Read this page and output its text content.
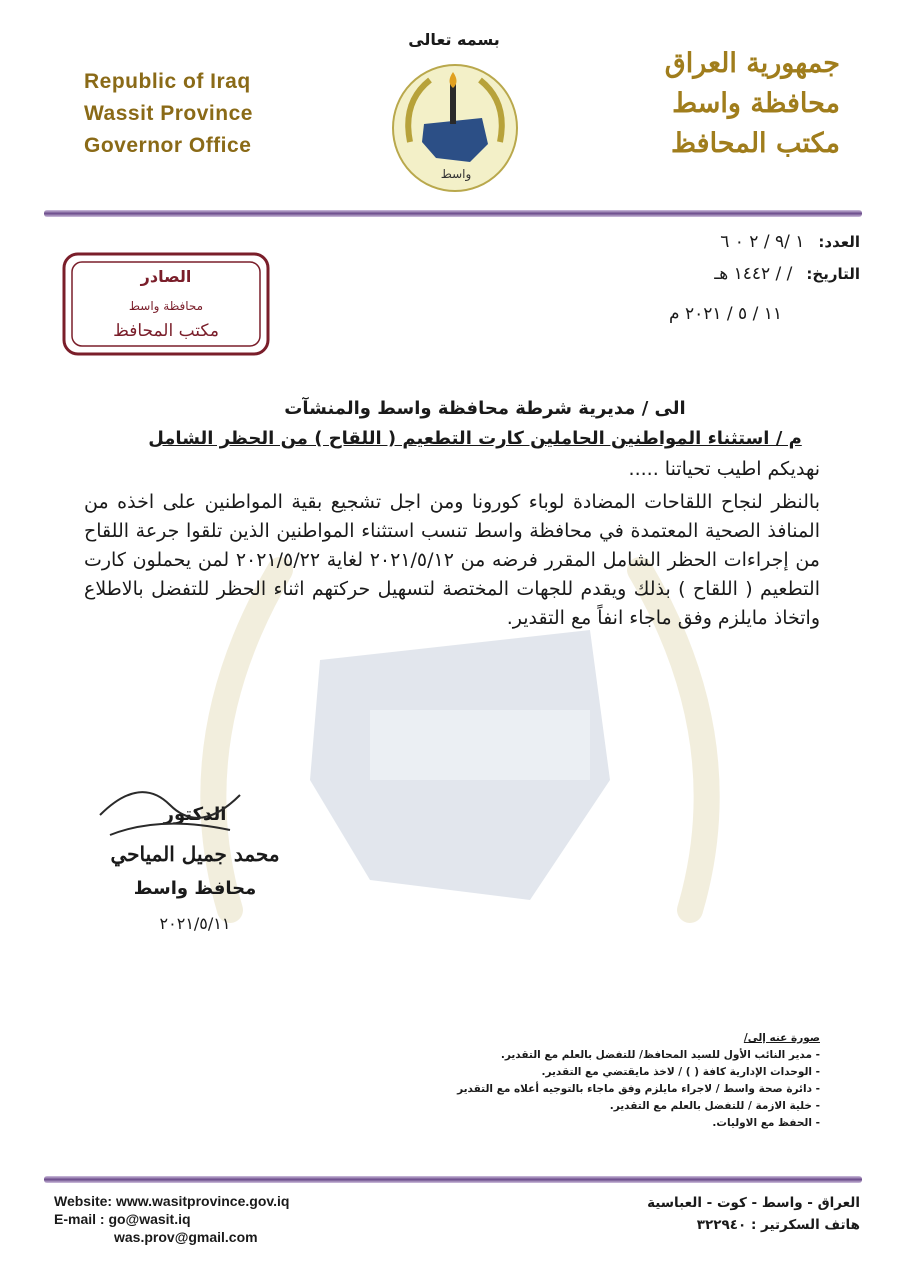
بسمه تعالى
Republic of Iraq
Wassit Province
Governor Office
واسط
جمهورية العراق
محافظة واسط
مكتب المحافظ
العدد:١ /٩ / ٢ ٠ ٦
التاريخ:/ / ١٤٤٢ هـ
١١ / ٥ / ٢٠٢١ م
الصادر
محافظة واسط
مكتب المحافظ
الى / مديرية شرطة محافظة واسط والمنشآت
م / استثناء المواطنين الحاملين كارت التطعيم ( اللقاح ) من الحظر الشامل
نهديكم اطيب تحياتنا .....
بالنظر لنجاح اللقاحات المضادة لوباء كورونا ومن اجل تشجيع بقية المواطنين على اخذه من المنافذ الصحية المعتمدة في محافظة واسط تنسب استثناء المواطنين الذين تلقوا جرعة اللقاح من إجراءات الحظر الشامل المقرر فرضه من ٢٠٢١/٥/١٢ لغاية ٢٠٢١/٥/٢٢ لمن يحملون كارت التطعيم ( اللقاح ) بذلك ويقدم للجهات المختصة لتسهيل حركتهم اثناء الحظر للتفضل بالاطلاع واتخاذ مايلزم وفق ماجاء انفاً مع التقدير.
الدكتور
محمد جميل المياحي
محافظ واسط
٢٠٢١/٥/١١
صورة عنه إلى/
- مدير النائب الأول للسيد المحافظ/ للتفضل بالعلم مع التقدير.
- الوحدات الإدارية كافة ( ) / لاخذ مايقتضي مع التقدير.
- دائرة صحة واسط / لاجراء مايلزم وفق ماجاء بالتوجيه أعلاه مع التقدير
- خلية الازمة / للتفضل بالعلم مع التقدير.
- الحفظ مع الاوليات.
Website: www.wasitprovince.gov.iq
E-mail : go@wasit.iq
was.prov@gmail.com
العراق - واسط - كوت - العباسية
هاتف السكرتير : ٣٢٢٩٤٠
